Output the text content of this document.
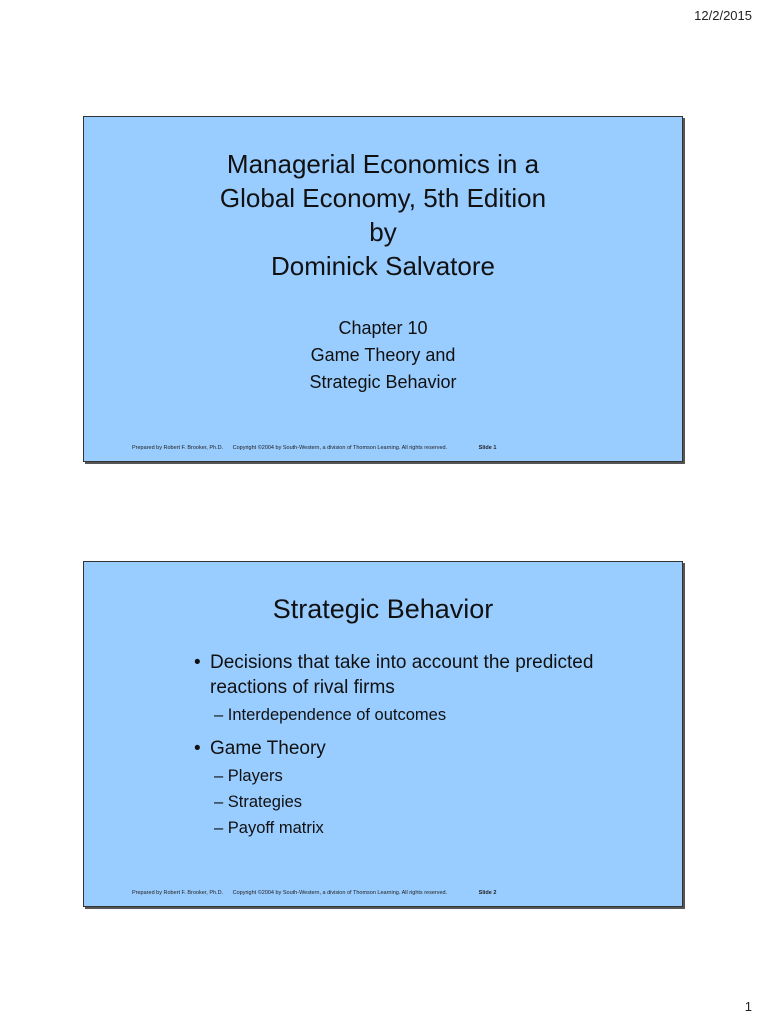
12/2/2015
Managerial Economics in a
Global Economy, 5th Edition
by
Dominick Salvatore
Chapter 10
Game Theory and
Strategic Behavior
Prepared by Robert F. Brooker, Ph.D. Copyright ©2004 by South-Western, a division of Thomson Learning. All rights reserved.	Slide 1
Strategic Behavior
• Decisions that take into account the predicted reactions of rival firms
– Interdependence of outcomes
• Game Theory
– Players
– Strategies
– Payoff matrix
Prepared by Robert F. Brooker, Ph.D. Copyright ©2004 by South-Western, a division of Thomson Learning. All rights reserved.	Slide 2
1
